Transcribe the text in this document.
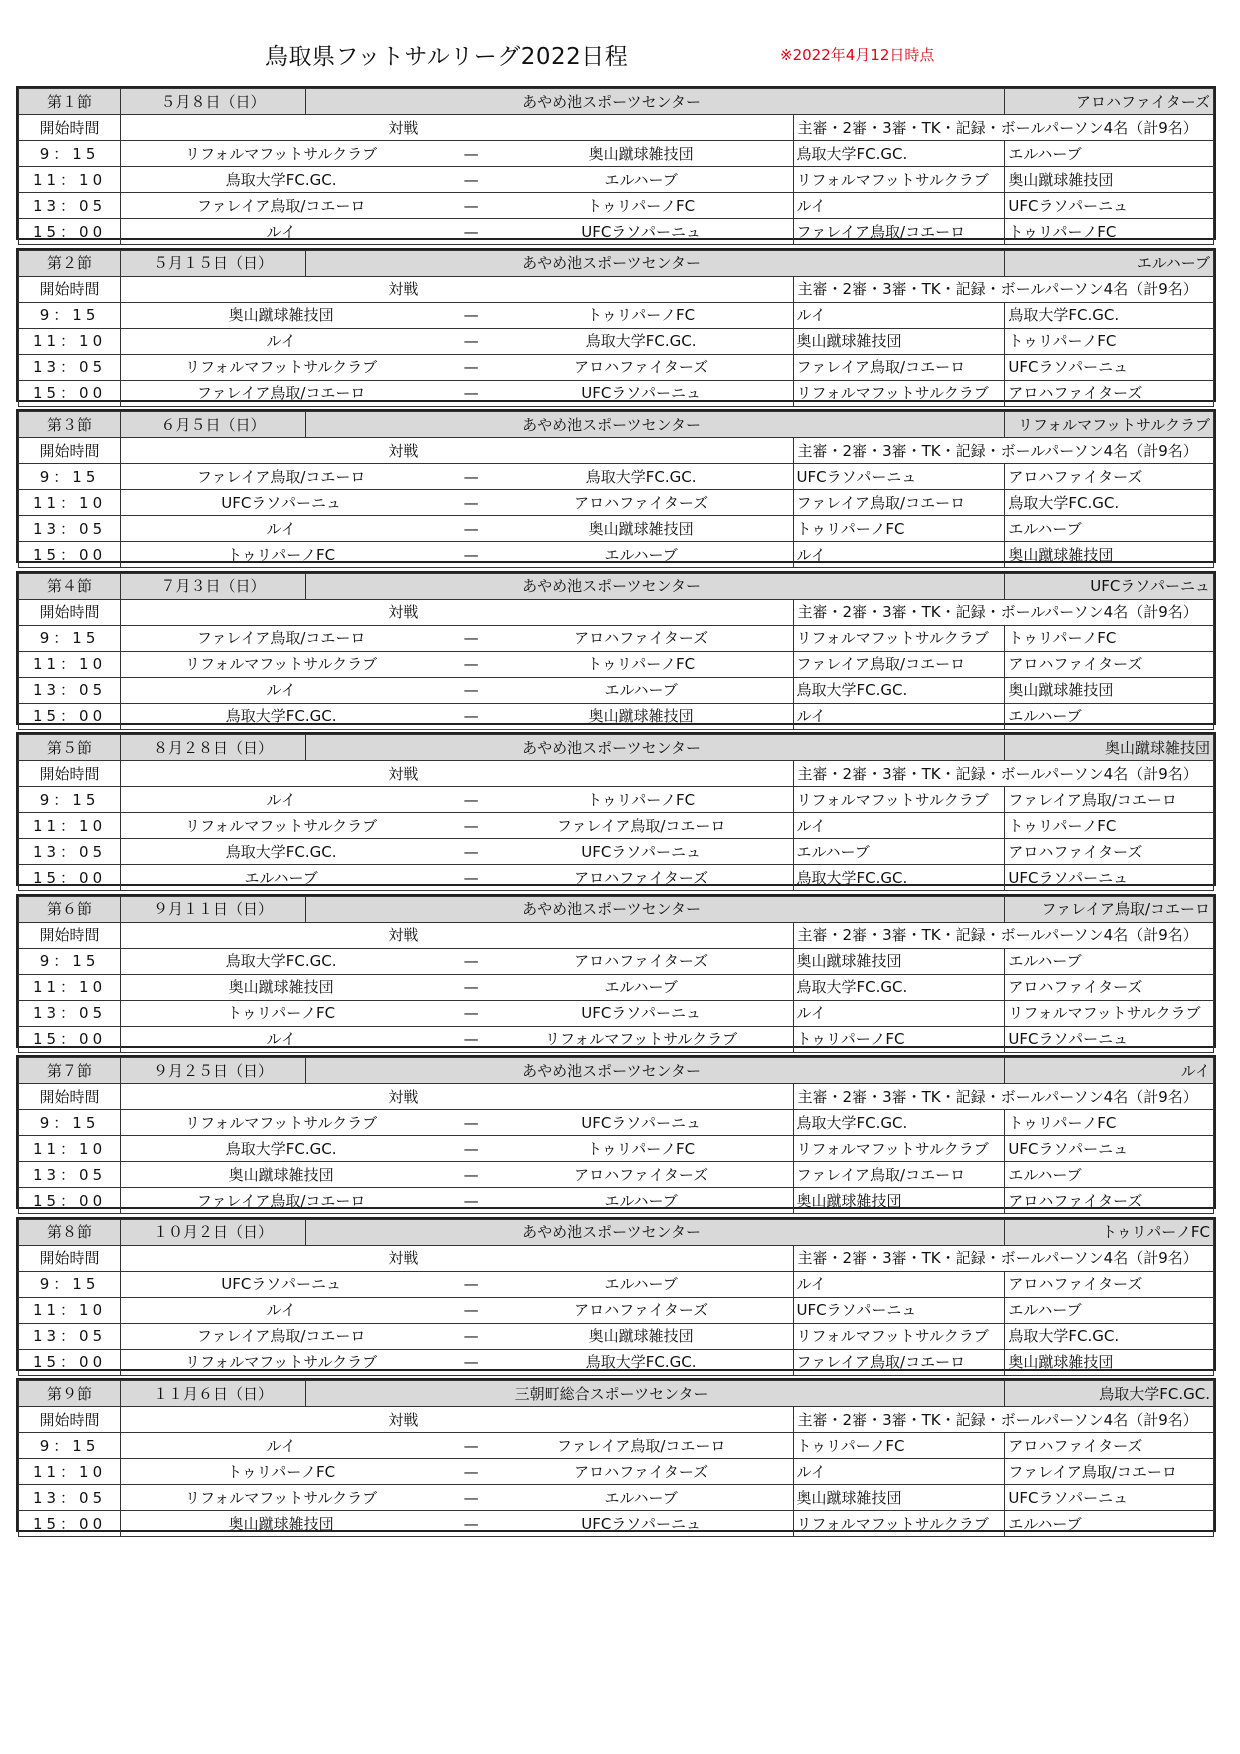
鳥取県フットサルリーグ2022日程	※2022年4月12日時点
第１節	５月８日（日）	あやめ池スポーツセンター		アロハファイターズ
開始時間	対戦		主審・2審・3審・TK・記録・ボールパーソン4名（計9名）	
9：15	リフォルマフットサルクラブ — 奥山蹴球雑技団		鳥取大学FC.GC.	エルハーブ
11：10	鳥取大学FC.GC. — エルハーブ		リフォルマフットサルクラブ	奥山蹴球雑技団
13：05	ファレイア鳥取/コエーロ — トゥリパーノFC		ルイ	UFCラソパーニュ
15：00	ルイ — UFCラソパーニュ		ファレイア鳥取/コエーロ	トゥリパーノFC
第２節	５月１５日（日）	あやめ池スポーツセンター		エルハーブ
開始時間	対戦		主審・2審・3審・TK・記録・ボールパーソン4名（計9名）	
9：15	奥山蹴球雑技団 — トゥリパーノFC		ルイ	鳥取大学FC.GC.
11：10	ルイ — 鳥取大学FC.GC.		奥山蹴球雑技団	トゥリパーノFC
13：05	リフォルマフットサルクラブ — アロハファイターズ		ファレイア鳥取/コエーロ	UFCラソパーニュ
15：00	ファレイア鳥取/コエーロ — UFCラソパーニュ		リフォルマフットサルクラブ	アロハファイターズ
第３節	６月５日（日）	あやめ池スポーツセンター		リフォルマフットサルクラブ
開始時間	対戦		主審・2審・3審・TK・記録・ボールパーソン4名（計9名）	
9：15	ファレイア鳥取/コエーロ — 鳥取大学FC.GC.		UFCラソパーニュ	アロハファイターズ
11：10	UFCラソパーニュ — アロハファイターズ		ファレイア鳥取/コエーロ	鳥取大学FC.GC.
13：05	ルイ — 奥山蹴球雑技団		トゥリパーノFC	エルハーブ
15：00	トゥリパーノFC — エルハーブ		ルイ	奥山蹴球雑技団
第４節	７月３日（日）	あやめ池スポーツセンター		UFCラソパーニュ
開始時間	対戦		主審・2審・3審・TK・記録・ボールパーソン4名（計9名）	
9：15	ファレイア鳥取/コエーロ — アロハファイターズ		リフォルマフットサルクラブ	トゥリパーノFC
11：10	リフォルマフットサルクラブ — トゥリパーノFC		ファレイア鳥取/コエーロ	アロハファイターズ
13：05	ルイ — エルハーブ		鳥取大学FC.GC.	奥山蹴球雑技団
15：00	鳥取大学FC.GC. — 奥山蹴球雑技団		ルイ	エルハーブ
第５節	８月２８日（日）	あやめ池スポーツセンター		奥山蹴球雑技団
開始時間	対戦		主審・2審・3審・TK・記録・ボールパーソン4名（計9名）	
9：15	ルイ — トゥリパーノFC		リフォルマフットサルクラブ	ファレイア鳥取/コエーロ
11：10	リフォルマフットサルクラブ — ファレイア鳥取/コエーロ		ルイ	トゥリパーノFC
13：05	鳥取大学FC.GC. — UFCラソパーニュ		エルハーブ	アロハファイターズ
15：00	エルハーブ — アロハファイターズ		鳥取大学FC.GC.	UFCラソパーニュ
第６節	９月１１日（日）	あやめ池スポーツセンター		ファレイア鳥取/コエーロ
開始時間	対戦		主審・2審・3審・TK・記録・ボールパーソン4名（計9名）	
9：15	鳥取大学FC.GC. — アロハファイターズ		奥山蹴球雑技団	エルハーブ
11：10	奥山蹴球雑技団 — エルハーブ		鳥取大学FC.GC.	アロハファイターズ
13：05	トゥリパーノFC — UFCラソパーニュ		ルイ	リフォルマフットサルクラブ
15：00	ルイ — リフォルマフットサルクラブ		トゥリパーノFC	UFCラソパーニュ
第７節	９月２５日（日）	あやめ池スポーツセンター		ルイ
開始時間	対戦		主審・2審・3審・TK・記録・ボールパーソン4名（計9名）	
9：15	リフォルマフットサルクラブ — UFCラソパーニュ		鳥取大学FC.GC.	トゥリパーノFC
11：10	鳥取大学FC.GC. — トゥリパーノFC		リフォルマフットサルクラブ	UFCラソパーニュ
13：05	奥山蹴球雑技団 — アロハファイターズ		ファレイア鳥取/コエーロ	エルハーブ
15：00	ファレイア鳥取/コエーロ — エルハーブ		奥山蹴球雑技団	アロハファイターズ
第８節	１０月２日（日）	あやめ池スポーツセンター		トゥリパーノFC
開始時間	対戦		主審・2審・3審・TK・記録・ボールパーソン4名（計9名）	
9：15	UFCラソパーニュ — エルハーブ		ルイ	アロハファイターズ
11：10	ルイ — アロハファイターズ		UFCラソパーニュ	エルハーブ
13：05	ファレイア鳥取/コエーロ — 奥山蹴球雑技団		リフォルマフットサルクラブ	鳥取大学FC.GC.
15：00	リフォルマフットサルクラブ — 鳥取大学FC.GC.		ファレイア鳥取/コエーロ	奥山蹴球雑技団
第９節	１１月６日（日）	三朝町総合スポーツセンター		鳥取大学FC.GC.
開始時間	対戦		主審・2審・3審・TK・記録・ボールパーソン4名（計9名）	
9：15	ルイ — ファレイア鳥取/コエーロ		トゥリパーノFC	アロハファイターズ
11：10	トゥリパーノFC — アロハファイターズ		ルイ	ファレイア鳥取/コエーロ
13：05	リフォルマフットサルクラブ — エルハーブ		奥山蹴球雑技団	UFCラソパーニュ
15：00	奥山蹴球雑技団 — UFCラソパーニュ		リフォルマフットサルクラブ	エルハーブ
